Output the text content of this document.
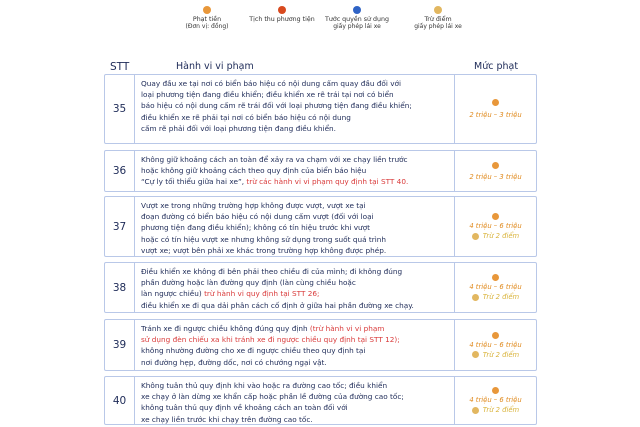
Phạt tiền
(Đơn vị: đồng)
Tịch thu phương tiện	Tước quyền sử dụng
giấy phép lái xe
Trừ điểm
giấy phép lái xe
STT	Hành vi vi phạm	Mức phạt
35
Quay đầu xe tại nơi có biển báo hiệu có nội dung cấm quay đầu đối với
loại phương tiện đang điều khiển; điều khiển xe rẽ trái tại nơi có biển
báo hiệu có nội dung cấm rẽ trái đối với loại phương tiện đang điều khiển;
điều khiển xe rẽ phải tại nơi có biển báo hiệu có nội dung
cấm rẽ phải đối với loại phương tiện đang điều khiển.
2 triệu – 3 triệu
36
Không giữ khoảng cách an toàn để xảy ra va chạm với xe chạy liền trước
hoặc không giữ khoảng cách theo quy định của biển báo hiệu
“Cự ly tối thiểu giữa hai xe”, trừ các hành vi vi phạm quy định tại STT 40.
2 triệu – 3 triệu
37
Vượt xe trong những trường hợp không được vượt, vượt xe tại
đoạn đường có biển báo hiệu có nội dung cấm vượt (đối với loại
phương tiện đang điều khiển); không có tín hiệu trước khi vượt
hoặc có tín hiệu vượt xe nhưng không sử dụng trong suốt quá trình
vượt xe; vượt bên phải xe khác trong trường hợp không được phép.
4 triệu – 6 triệu
Trừ 2 điểm
38
Điều khiển xe không đi bên phải theo chiều đi của mình; đi không đúng
phần đường hoặc làn đường quy định (làn cùng chiều hoặc
làn ngược chiều) trừ hành vi quy định tại STT 26;
điều khiển xe đi qua dải phân cách cố định ở giữa hai phần đường xe chạy.
4 triệu – 6 triệu
Trừ 2 điểm
39
Tránh xe đi ngược chiều không đúng quy định (trừ hành vi vi phạm
sử dụng đèn chiếu xa khi tránh xe đi ngược chiều quy định tại STT 12);
không nhường đường cho xe đi ngược chiều theo quy định tại
nơi đường hẹp, đường dốc, nơi có chướng ngại vật.
4 triệu – 6 triệu
Trừ 2 điểm
40
Không tuân thủ quy định khi vào hoặc ra đường cao tốc; điều khiển
xe chạy ở làn dừng xe khẩn cấp hoặc phần lề đường của đường cao tốc;
không tuân thủ quy định về khoảng cách an toàn đối với
xe chạy liền trước khi chạy trên đường cao tốc.
4 triệu – 6 triệu
Trừ 2 điểm
